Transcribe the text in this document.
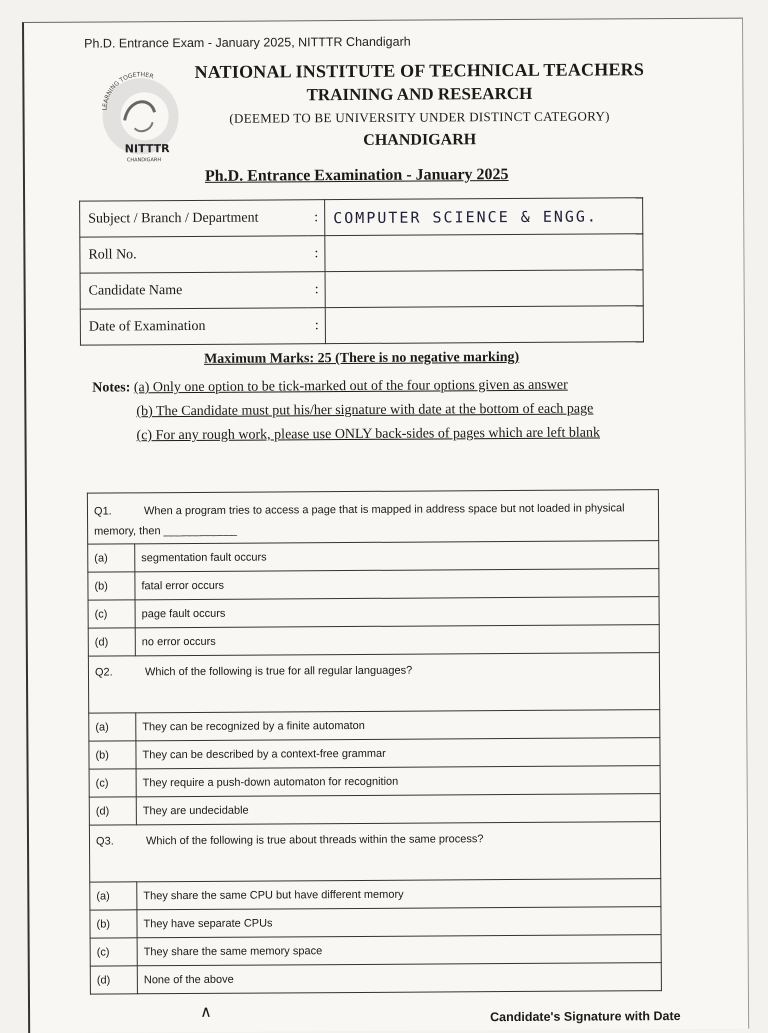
Ph.D. Entrance Exam - January 2025, NITTTR Chandigarh
LEARNING TOGETHER
NITTTR
CHANDIGARH
NATIONAL INSTITUTE OF TECHNICAL TEACHERS
TRAINING AND RESEARCH
(DEEMED TO BE UNIVERSITY UNDER DISTINCT CATEGORY)
CHANDIGARH
Ph.D. Entrance Examination - January 2025
Subject / Branch / Department	:	COMPUTER SCIENCE & ENGG.
Roll No.	:	
Candidate Name	:	
Date of Examination	:	
Maximum Marks: 25 (There is no negative marking)
Notes: (a) Only one option to be tick-marked out of the four options given as answer
(b) The Candidate must put his/her signature with date at the bottom of each page
(c) For any rough work, please use ONLY back-sides of pages which are left blank
Q1. When a program tries to access a page that is mapped in address space but not loaded in physical memory, then ____________	
(a)	segmentation fault occurs
(b)	fatal error occurs
(c)	page fault occurs
(d)	no error occurs
Q2. Which of the following is true for all regular languages?	
(a)	They can be recognized by a finite automaton
(b)	They can be described by a context-free grammar
(c)	They require a push-down automaton for recognition
(d)	They are undecidable
Q3. Which of the following is true about threads within the same process?	
(a)	They share the same CPU but have different memory
(b)	They have separate CPUs
(c)	They share the same memory space
(d)	None of the above
∧	Candidate's Signature with Date
